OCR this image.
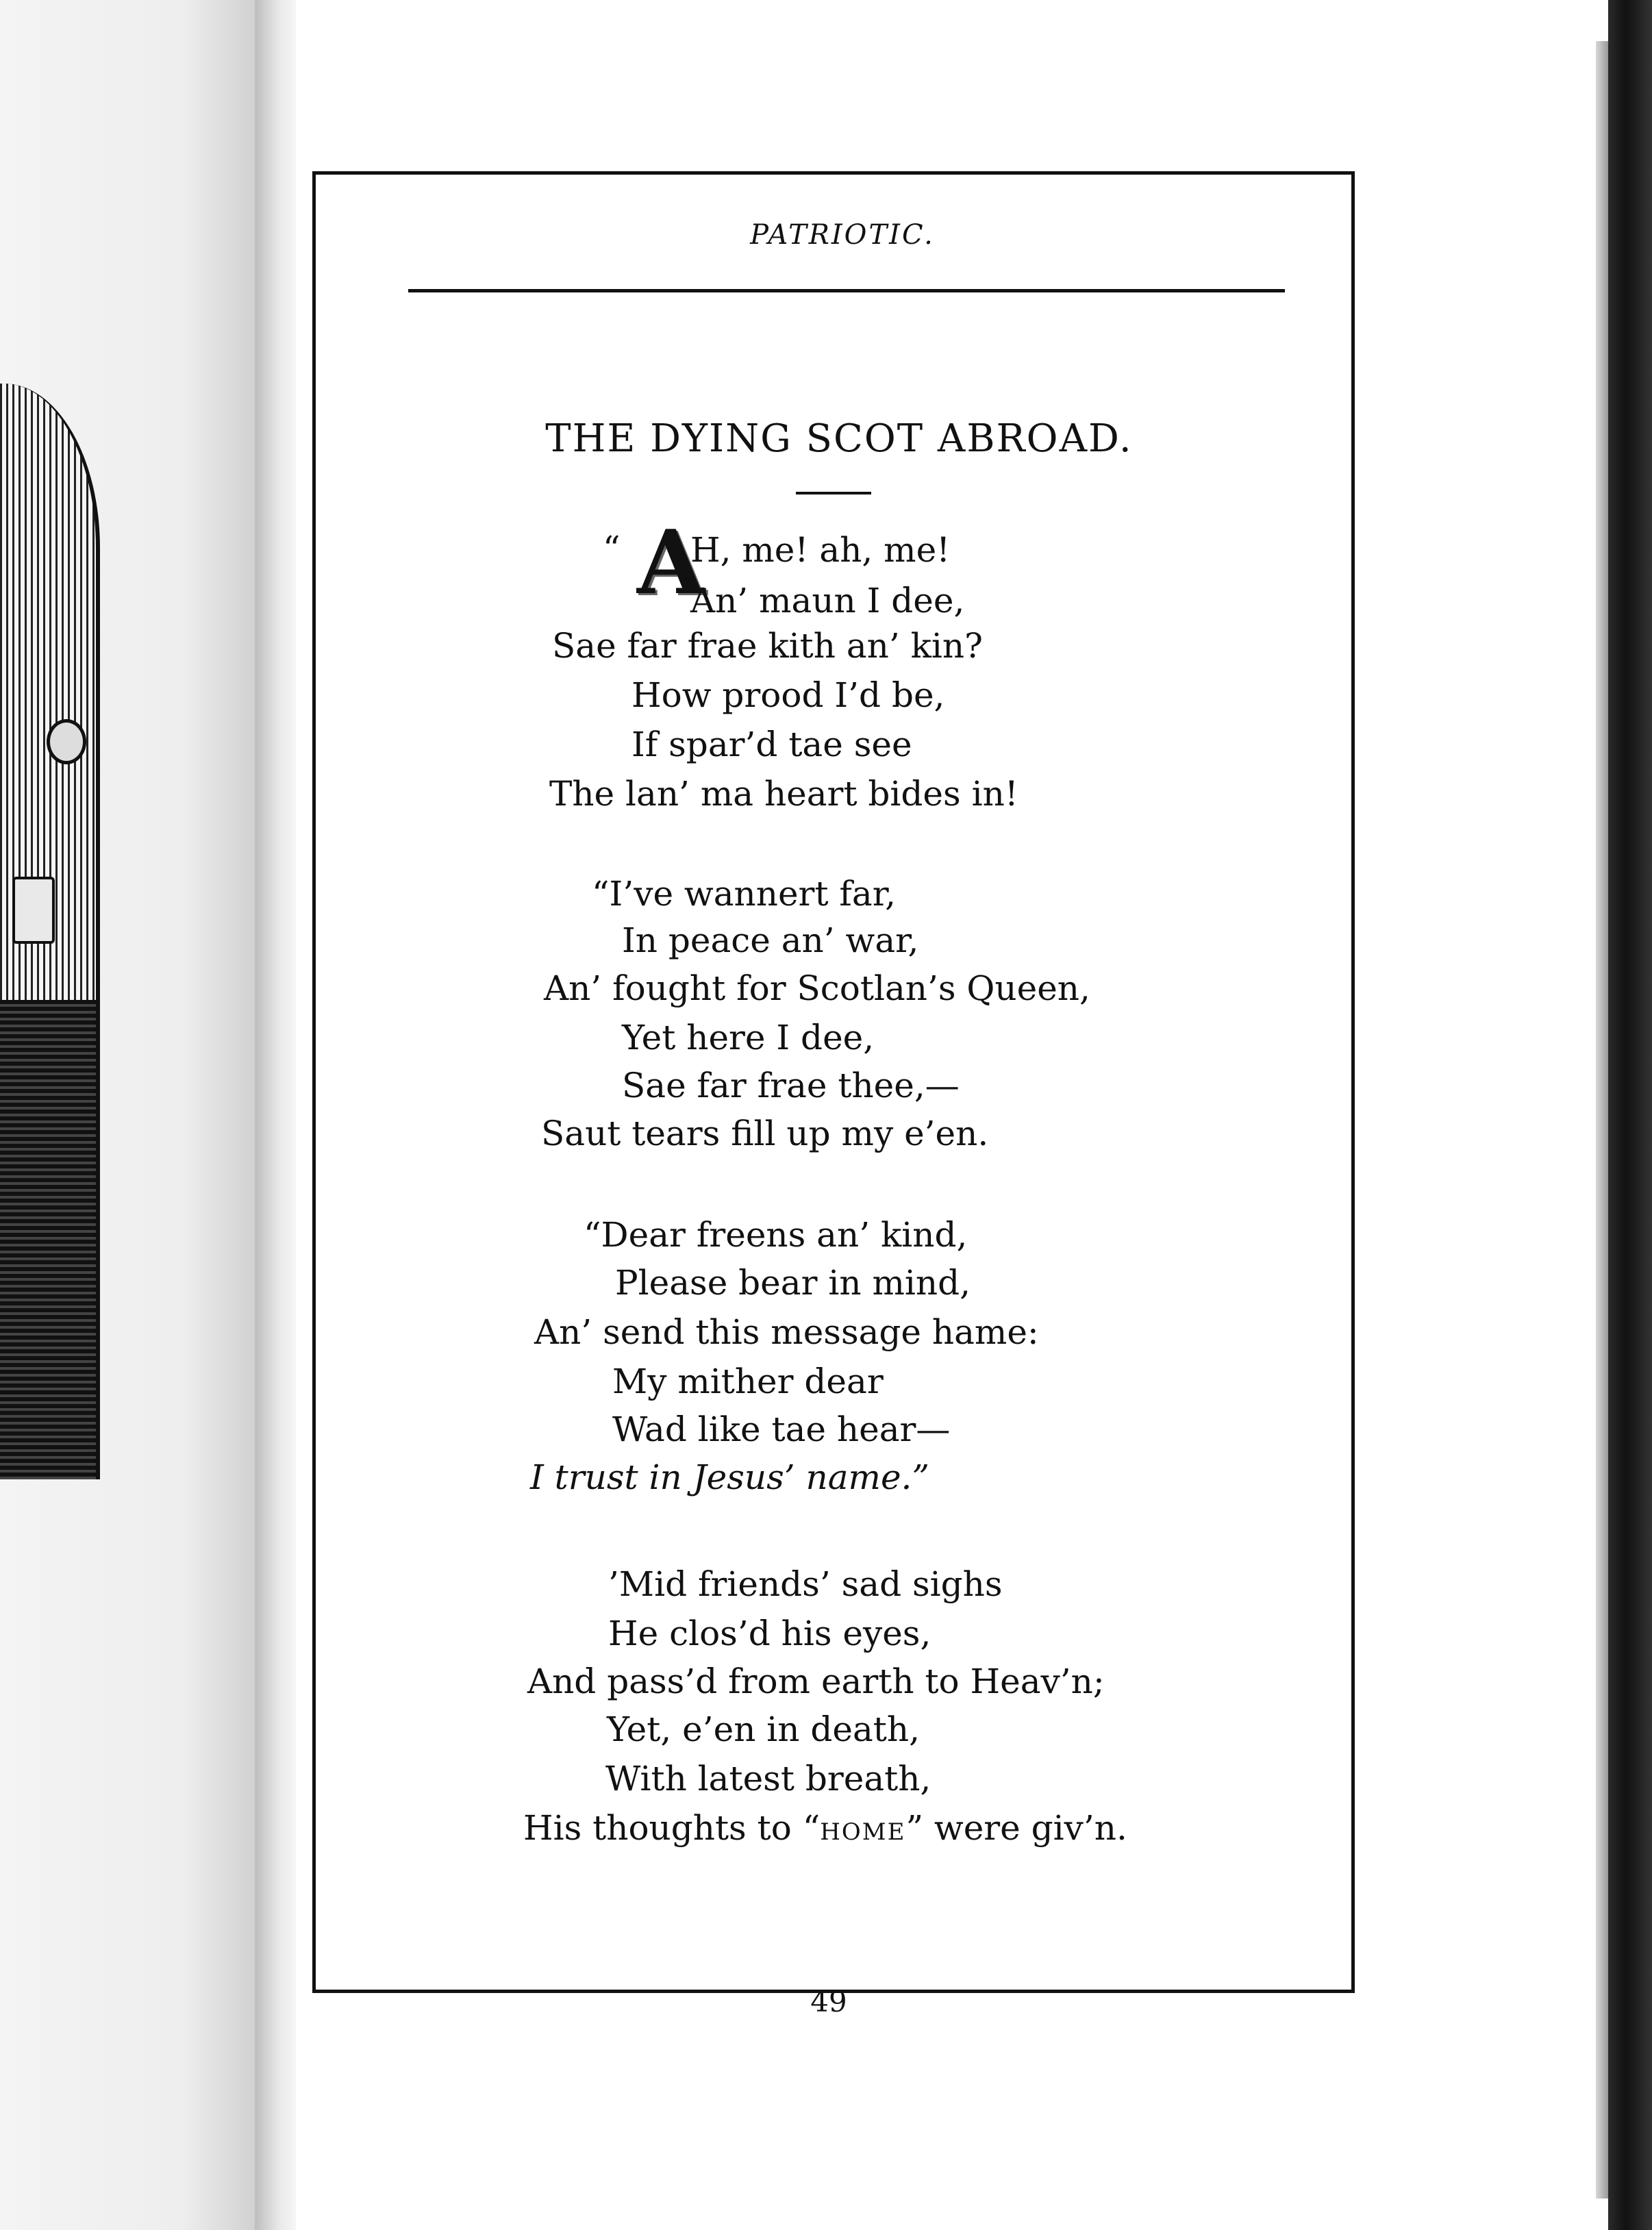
PATRIOTIC.
THE DYING SCOT ABROAD.
“ A
H, me! ah, me!
An’ maun I dee,
Sae far frae kith an’ kin?
How prood I’d be,
If spar’d tae see
The lan’ ma heart bides in!
“I’ve wannert far,
In peace an’ war,
An’ fought for Scotlan’s Queen,
Yet here I dee,
Sae far frae thee,—
Saut tears fill up my e’en.
“Dear freens an’ kind,
Please bear in mind,
An’ send this message hame:
My mither dear
Wad like tae hear—
I trust in Jesus’ name.”
’Mid friends’ sad sighs
He clos’d his eyes,
And pass’d from earth to Heav’n;
Yet, e’en in death,
With latest breath,
His thoughts to “HOME” were giv’n.
49
